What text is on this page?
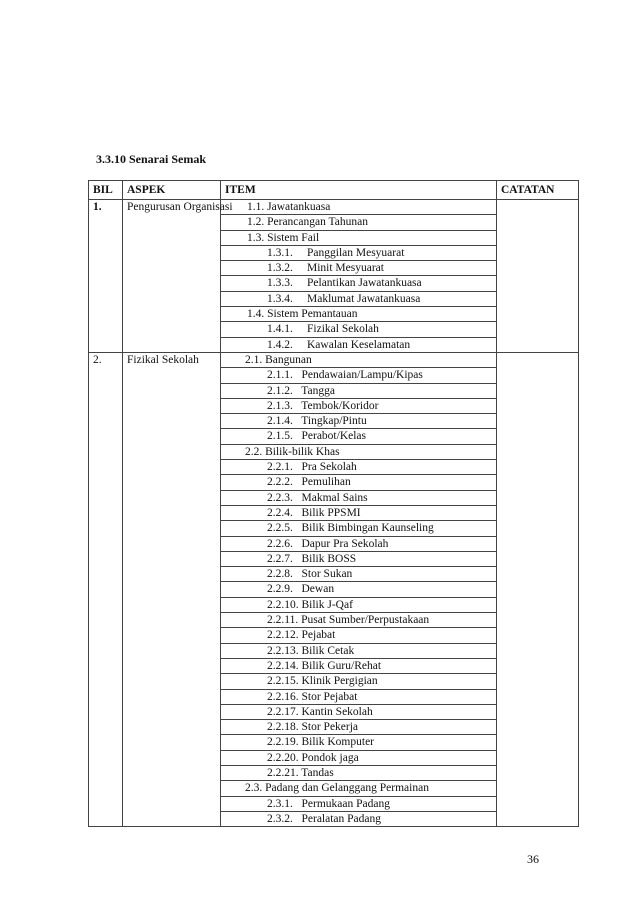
3.3.10 Senarai Semak
BIL	ASPEK	ITEM	CATATAN
1.	Pengurusan Organisasi	1.1. Jawatankuasa	
		1.2. Perancangan Tahunan	
		1.3. Sistem Fail	
		1.3.1. Panggilan Mesyuarat	
		1.3.2. Minit Mesyuarat	
		1.3.3. Pelantikan Jawatankuasa	
		1.3.4. Maklumat Jawatankuasa	
		1.4. Sistem Pemantauan	
		1.4.1. Fizikal Sekolah	
		1.4.2. Kawalan Keselamatan	
2.	Fizikal Sekolah	2.1. Bangunan	
		2.1.1.   Pendawaian/Lampu/Kipas	
		2.1.2.   Tangga	
		2.1.3.   Tembok/Koridor	
		2.1.4.   Tingkap/Pintu	
		2.1.5.   Perabot/Kelas	
		2.2. Bilik-bilik Khas	
		2.2.1.   Pra Sekolah	
		2.2.2.   Pemulihan	
		2.2.3.   Makmal Sains	
		2.2.4.   Bilik PPSMI	
		2.2.5.   Bilik Bimbingan Kaunseling	
		2.2.6.   Dapur Pra Sekolah	
		2.2.7.   Bilik BOSS	
		2.2.8.   Stor Sukan	
		2.2.9.   Dewan	
		2.2.10. Bilik J-Qaf	
		2.2.11. Pusat Sumber/Perpustakaan	
		2.2.12. Pejabat	
		2.2.13. Bilik Cetak	
		2.2.14. Bilik Guru/Rehat	
		2.2.15. Klinik Pergigian	
		2.2.16. Stor Pejabat	
		2.2.17. Kantin Sekolah	
		2.2.18. Stor Pekerja	
		2.2.19. Bilik Komputer	
		2.2.20. Pondok jaga	
		2.2.21. Tandas	
		2.3. Padang dan Gelanggang Permainan	
		2.3.1.   Permukaan Padang	
		2.3.2.   Peralatan Padang	
36
